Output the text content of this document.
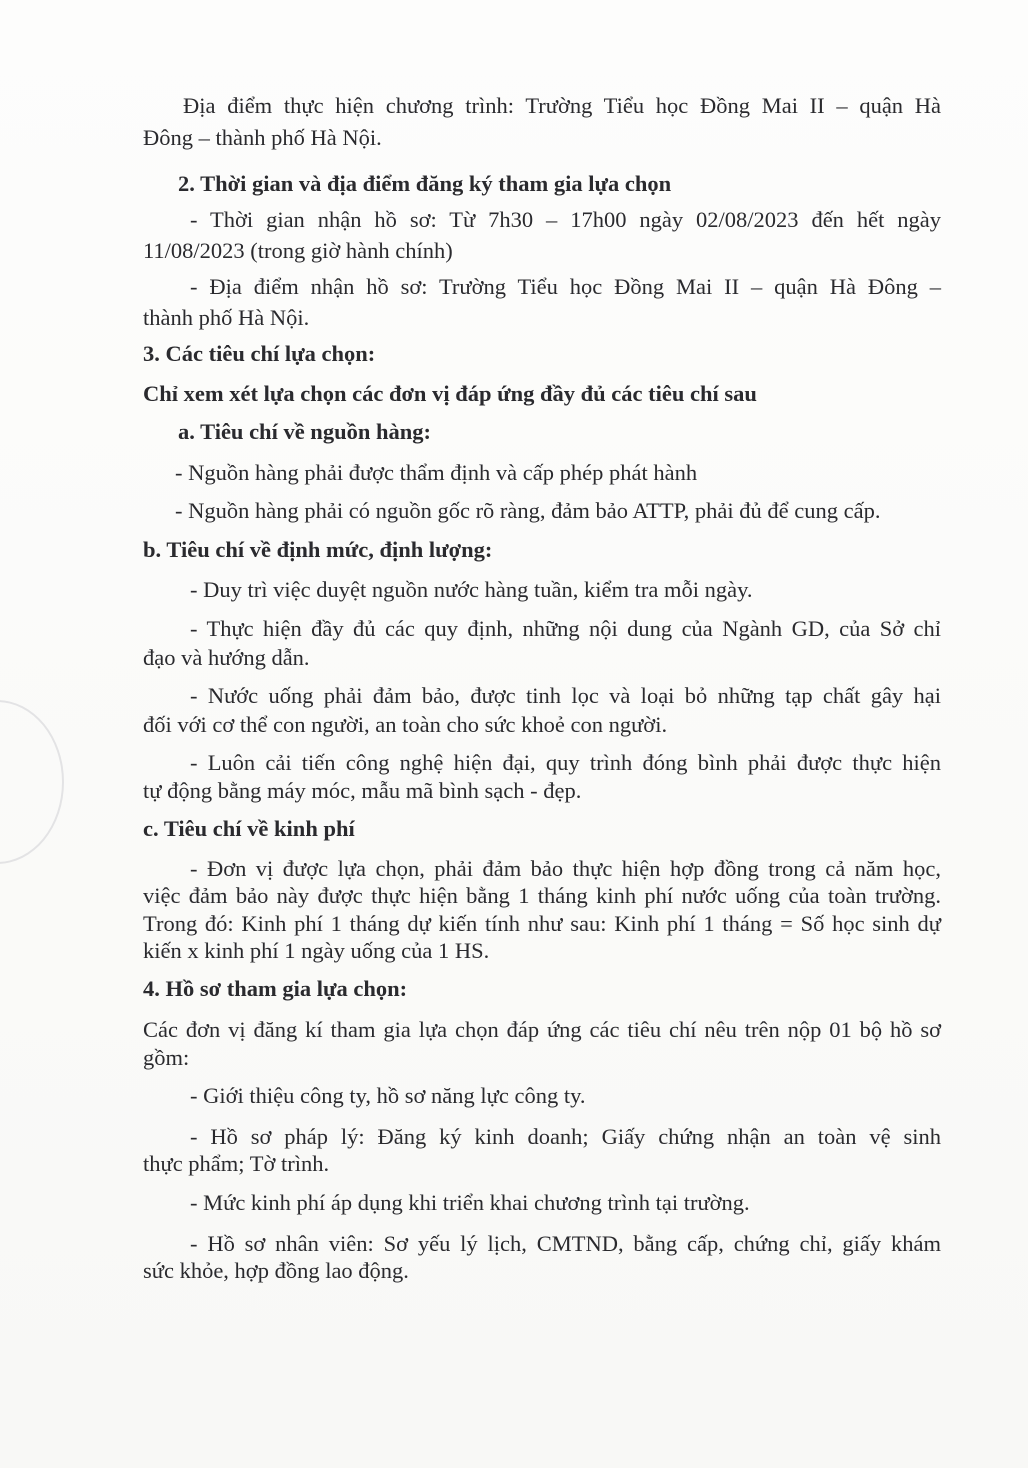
Địa điểm thực hiện chương trình: Trường Tiểu học Đồng Mai II – quận Hà

Đông – thành phố Hà Nội.

2. Thời gian và địa điểm đăng ký tham gia lựa chọn

- Thời gian nhận hồ sơ: Từ 7h30 – 17h00 ngày 02/08/2023 đến hết ngày

11/08/2023 (trong giờ hành chính)

- Địa điểm nhận hồ sơ: Trường Tiểu học Đồng Mai II – quận Hà Đông –

thành phố Hà Nội.

3. Các tiêu chí lựa chọn:

Chỉ xem xét lựa chọn các đơn vị đáp ứng đầy đủ các tiêu chí sau

a. Tiêu chí về nguồn hàng:

- Nguồn hàng phải được thẩm định và cấp phép phát hành

- Nguồn hàng phải có nguồn gốc rõ ràng, đảm bảo ATTP, phải đủ để cung cấp.

b. Tiêu chí về định mức, định lượng:

- Duy trì việc duyệt nguồn nước hàng tuần, kiểm tra mỗi ngày.

- Thực hiện đầy đủ các quy định, những nội dung của Ngành GD, của Sở chỉ

đạo và hướng dẫn.

- Nước uống phải đảm bảo, được tinh lọc và loại bỏ những tạp chất gây hại

đối với cơ thể con người, an toàn cho sức khoẻ con người.

- Luôn cải tiến công nghệ hiện đại, quy trình đóng bình phải được thực hiện

tự động bằng máy móc, mẫu mã bình sạch - đẹp.

c. Tiêu chí về kinh phí

- Đơn vị được lựa chọn, phải đảm bảo thực hiện hợp đồng trong cả năm học,

việc đảm bảo này được thực hiện bằng 1 tháng kinh phí nước uống của toàn trường.

Trong đó: Kinh phí 1 tháng dự kiến tính như sau: Kinh phí 1 tháng = Số học sinh dự

kiến x kinh phí 1 ngày uống của 1 HS.

4. Hồ sơ tham gia lựa chọn:

Các đơn vị đăng kí tham gia lựa chọn đáp ứng các tiêu chí nêu trên nộp 01 bộ hồ sơ

gồm:

- Giới thiệu công ty, hồ sơ năng lực công ty.

- Hồ sơ pháp lý: Đăng ký kinh doanh; Giấy chứng nhận an toàn vệ sinh

thực phẩm; Tờ trình.

- Mức kinh phí áp dụng khi triển khai chương trình tại trường.

- Hồ sơ nhân viên: Sơ yếu lý lịch, CMTND, bằng cấp, chứng chỉ, giấy khám

sức khỏe, hợp đồng lao động.
